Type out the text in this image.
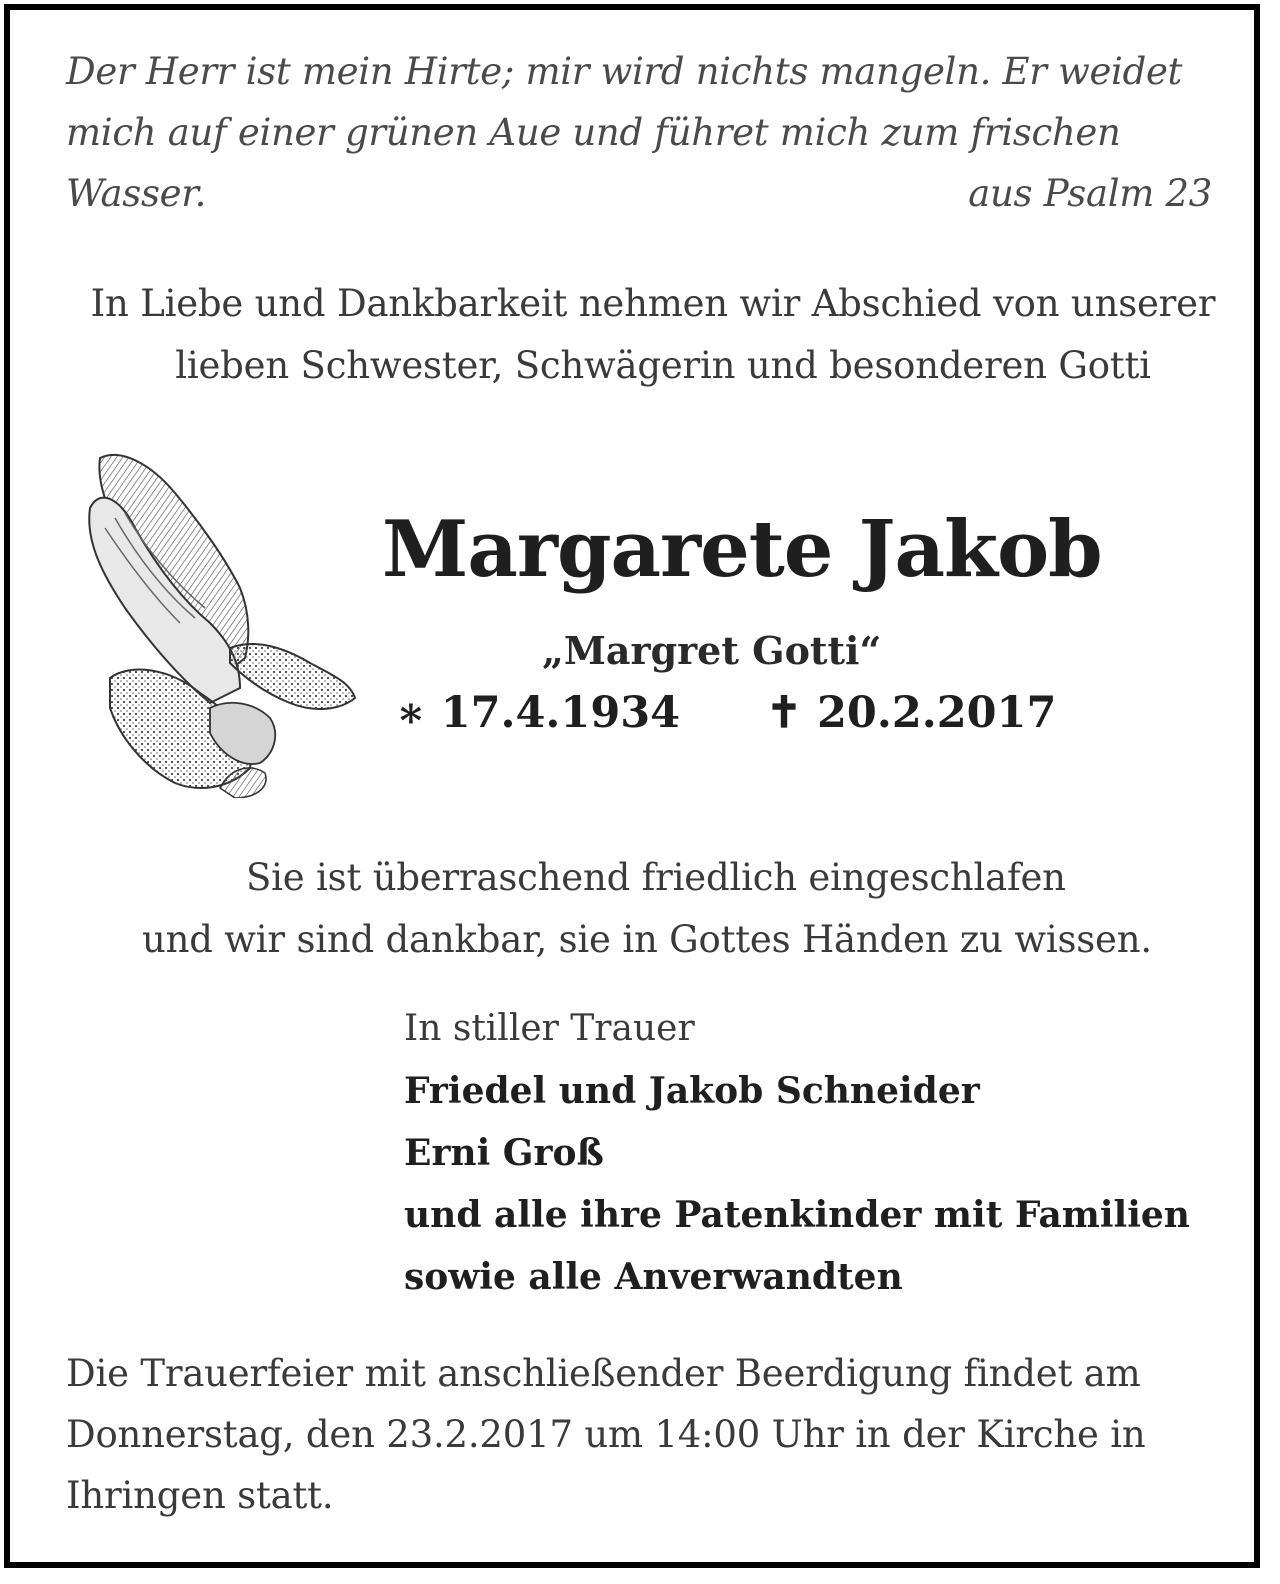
Der Herr ist mein Hirte; mir wird nichts mangeln. Er weidet
mich auf einer grünen Aue und führet mich zum frischen
Wasser.	aus Psalm 23
In Liebe und Dankbarkeit nehmen wir Abschied von unserer
lieben Schwester, Schwägerin und besonderen Gotti
Margarete Jakob
„Margret Gotti“
∗ 17.4.1934 ✝ 20.2.2017
Sie ist überraschend friedlich eingeschlafen
und wir sind dankbar, sie in Gottes Händen zu wissen.
In stiller Trauer
Friedel und Jakob Schneider
Erni Groß
und alle ihre Patenkinder mit Familien
sowie alle Anverwandten
Die Trauerfeier mit anschließender Beerdigung findet am
Donnerstag, den 23.2.2017 um 14:00 Uhr in der Kirche in
Ihringen statt.
